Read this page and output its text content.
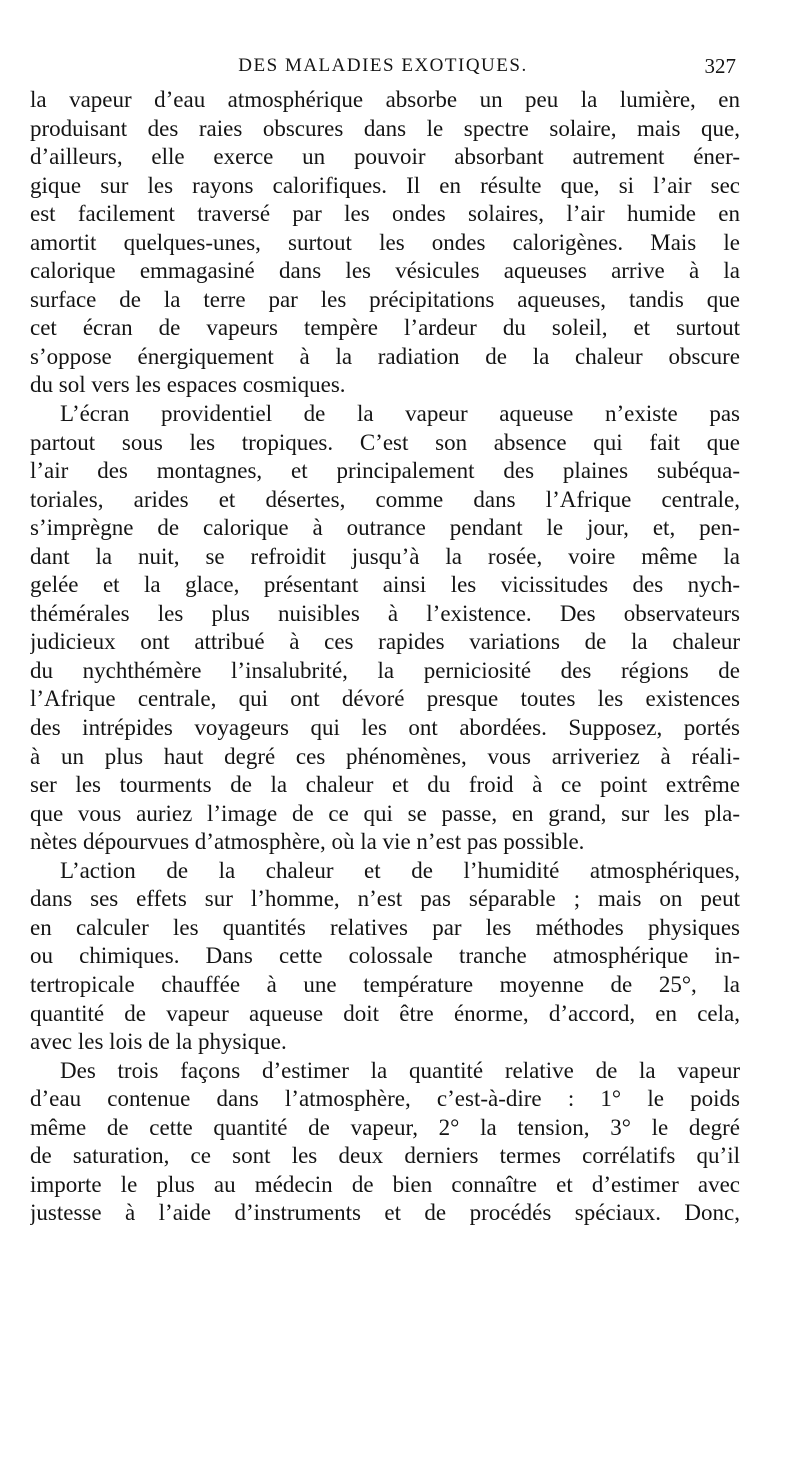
DES MALADIES EXOTIQUES.	327
la vapeur d’eau atmosphérique absorbe un peu la lumière, en
produisant des raies obscures dans le spectre solaire, mais que,
d’ailleurs, elle exerce un pouvoir absorbant autrement éner-
gique sur les rayons calorifiques. Il en résulte que, si l’air sec
est facilement traversé par les ondes solaires, l’air humide en
amortit quelques-unes, surtout les ondes calorigènes. Mais le
calorique emmagasiné dans les vésicules aqueuses arrive à la
surface de la terre par les précipitations aqueuses, tandis que
cet écran de vapeurs tempère l’ardeur du soleil, et surtout
s’oppose énergiquement à la radiation de la chaleur obscure
du sol vers les espaces cosmiques.
L’écran providentiel de la vapeur aqueuse n’existe pas
partout sous les tropiques. C’est son absence qui fait que
l’air des montagnes, et principalement des plaines subéqua-
toriales, arides et désertes, comme dans l’Afrique centrale,
s’imprègne de calorique à outrance pendant le jour, et, pen-
dant la nuit, se refroidit jusqu’à la rosée, voire même la
gelée et la glace, présentant ainsi les vicissitudes des nych-
thémérales les plus nuisibles à l’existence. Des observateurs
judicieux ont attribué à ces rapides variations de la chaleur
du nychthémère l’insalubrité, la perniciosité des régions de
l’Afrique centrale, qui ont dévoré presque toutes les existences
des intrépides voyageurs qui les ont abordées. Supposez, portés
à un plus haut degré ces phénomènes, vous arriveriez à réali-
ser les tourments de la chaleur et du froid à ce point extrême
que vous auriez l’image de ce qui se passe, en grand, sur les pla-
nètes dépourvues d’atmosphère, où la vie n’est pas possible.
L’action de la chaleur et de l’humidité atmosphériques,
dans ses effets sur l’homme, n’est pas séparable ; mais on peut
en calculer les quantités relatives par les méthodes physiques
ou chimiques. Dans cette colossale tranche atmosphérique in-
tertropicale chauffée à une température moyenne de 25°, la
quantité de vapeur aqueuse doit être énorme, d’accord, en cela,
avec les lois de la physique.
Des trois façons d’estimer la quantité relative de la vapeur
d’eau contenue dans l’atmosphère, c’est-à-dire : 1° le poids
même de cette quantité de vapeur, 2° la tension, 3° le degré
de saturation, ce sont les deux derniers termes corrélatifs qu’il
importe le plus au médecin de bien connaître et d’estimer avec
justesse à l’aide d’instruments et de procédés spéciaux. Donc,
